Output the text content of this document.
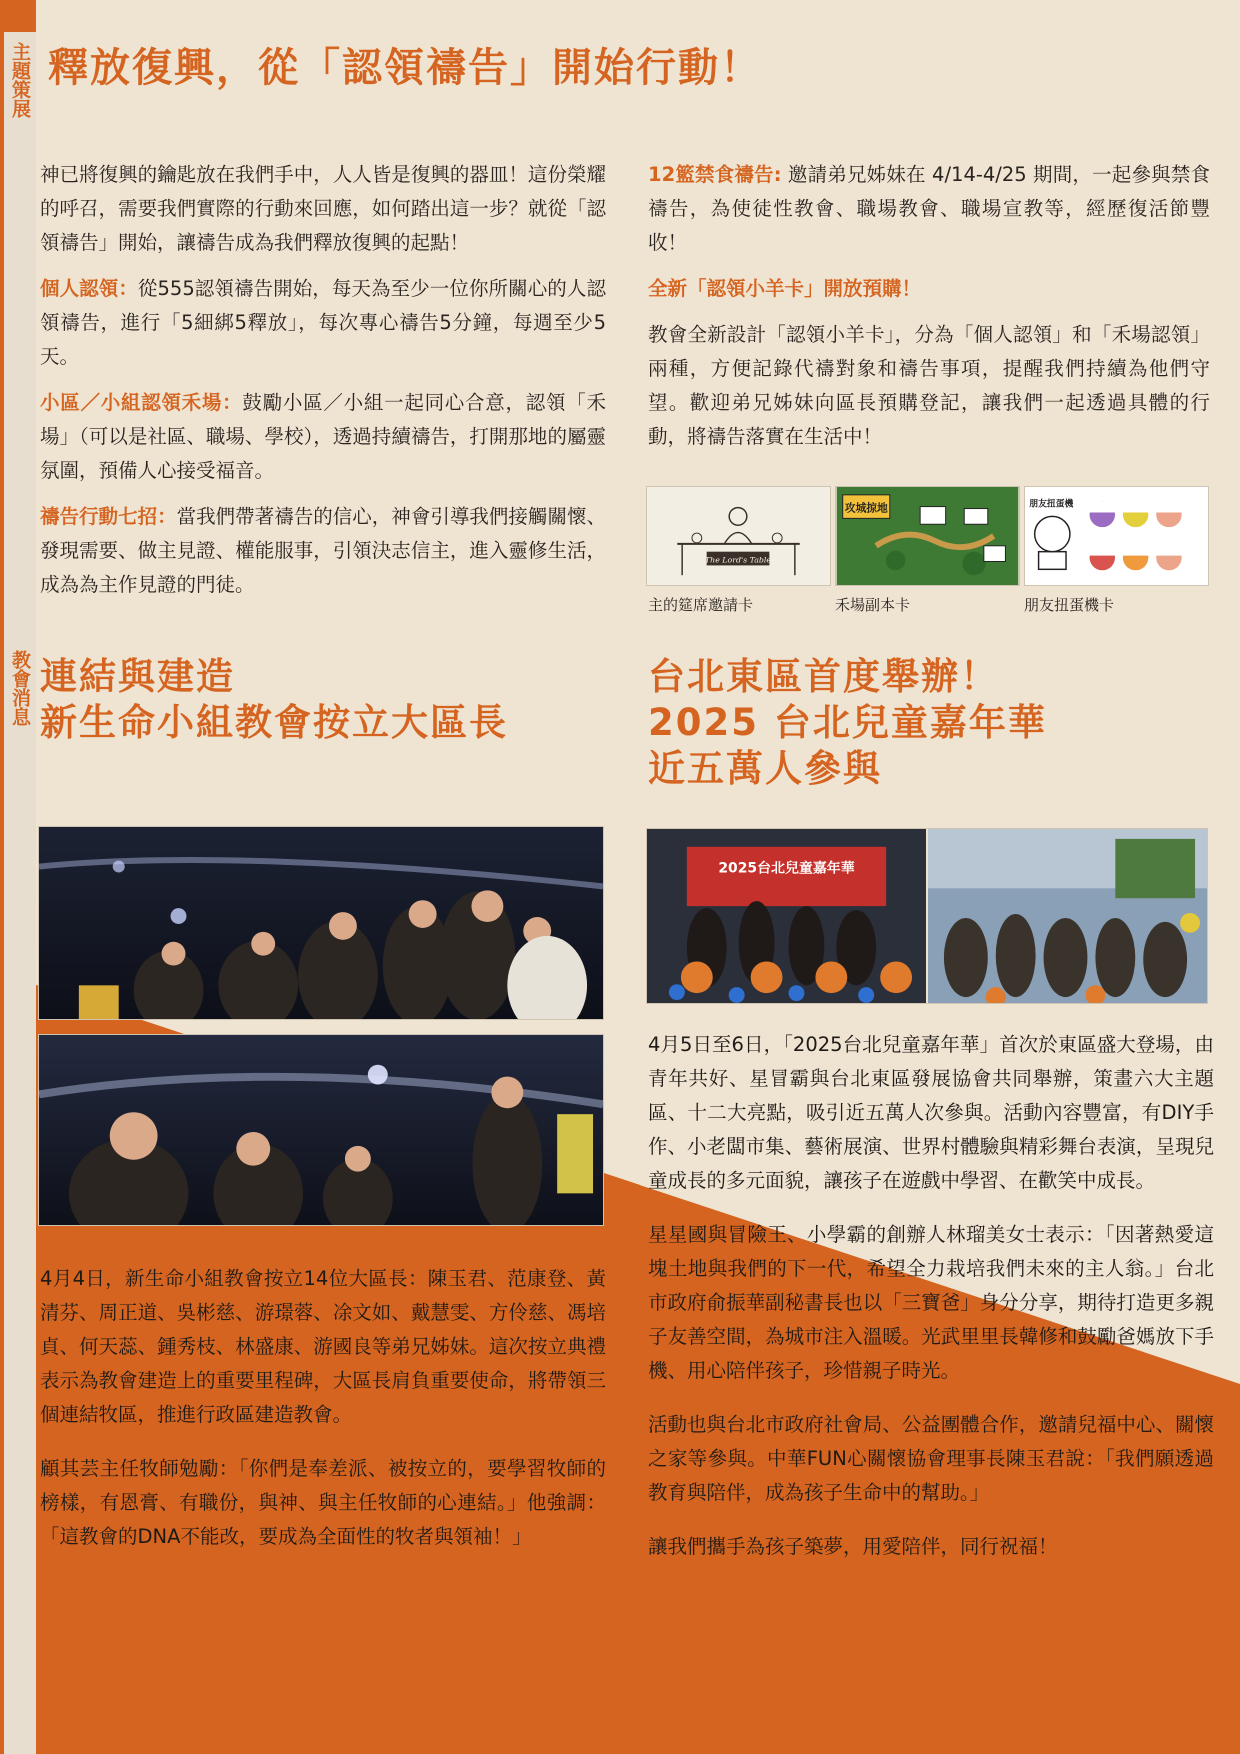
主題策展
教會消息
釋放復興，從「認領禱告」開始行動！

神已將復興的鑰匙放在我們手中，人人皆是復興的器皿！這份榮耀的呼召，需要我們實際的行動來回應，如何踏出這一步？就從「認領禱告」開始，讓禱告成為我們釋放復興的起點！

個人認領：從555認領禱告開始，每天為至少一位你所關心的人認領禱告，進行「5細綁5釋放」，每次專心禱告5分鐘，每週至少5天。

小區／小組認領禾場：鼓勵小區／小組一起同心合意，認領「禾場」（可以是社區、職場、學校），透過持續禱告，打開那地的屬靈氛圍，預備人心接受福音。

禱告行動七招：當我們帶著禱告的信心，神會引導我們接觸關懷、發現需要、做主見證、權能服事，引領決志信主，進入靈修生活，成為為主作見證的門徒。

12籃禁食禱告: 邀請弟兄姊妹在 4/14-4/25 期間，一起參與禁食禱告，為使徒性教會、職場教會、職場宣教等，經歷復活節豐收！

全新「認領小羊卡」開放預購！

教會全新設計「認領小羊卡」，分為「個人認領」和「禾場認領」兩種，方便記錄代禱對象和禱告事項，提醒我們持續為他們守望。歡迎弟兄姊妹向區長預購登記，讓我們一起透過具體的行動，將禱告落實在生活中！

The Lord's Table
攻城掠地	朋友扭蛋機
主的筵席邀請卡	禾場副本卡	朋友扭蛋機卡
連結與建造
新生命小組教會按立大區長
台北東區首度舉辦！
2025 台北兒童嘉年華
近五萬人參與
2025台北兒童嘉年華

4月4日，新生命小組教會按立14位大區長：陳玉君、范康登、黃清芬、周正道、吳彬慈、游璟蓉、凃文如、戴慧雯、方伶慈、馮培貞、何天蕊、鍾秀枝、林盛康、游國良等弟兄姊妹。這次按立典禮表示為教會建造上的重要里程碑，大區長肩負重要使命，將帶領三個連結牧區，推進行政區建造教會。

顧其芸主任牧師勉勵：「你們是奉差派、被按立的，要學習牧師的榜樣，有恩膏、有職份，與神、與主任牧師的心連結。」他強調：「這教會的DNA不能改，要成為全面性的牧者與領袖！」

4月5日至6日，「2025台北兒童嘉年華」首次於東區盛大登場，由青年共好、星冒霸與台北東區發展協會共同舉辦，策畫六大主題區、十二大亮點，吸引近五萬人次參與。活動內容豐富，有DIY手作、小老闆市集、藝術展演、世界村體驗與精彩舞台表演，呈現兒童成長的多元面貌，讓孩子在遊戲中學習、在歡笑中成長。

星星國與冒險王、小學霸的創辦人林瑠美女士表示：「因著熱愛這塊土地與我們的下一代，希望全力栽培我們未來的主人翁。」台北市政府俞振華副秘書長也以「三寶爸」身分分享，期待打造更多親子友善空間，為城市注入溫暖。光武里里長韓修和鼓勵爸媽放下手機、用心陪伴孩子，珍惜親子時光。

活動也與台北市政府社會局、公益團體合作，邀請兒福中心、關懷之家等參與。中華FUN心關懷協會理事長陳玉君說：「我們願透過教育與陪伴，成為孩子生命中的幫助。」

讓我們攜手為孩子築夢，用愛陪伴，同行祝福！
